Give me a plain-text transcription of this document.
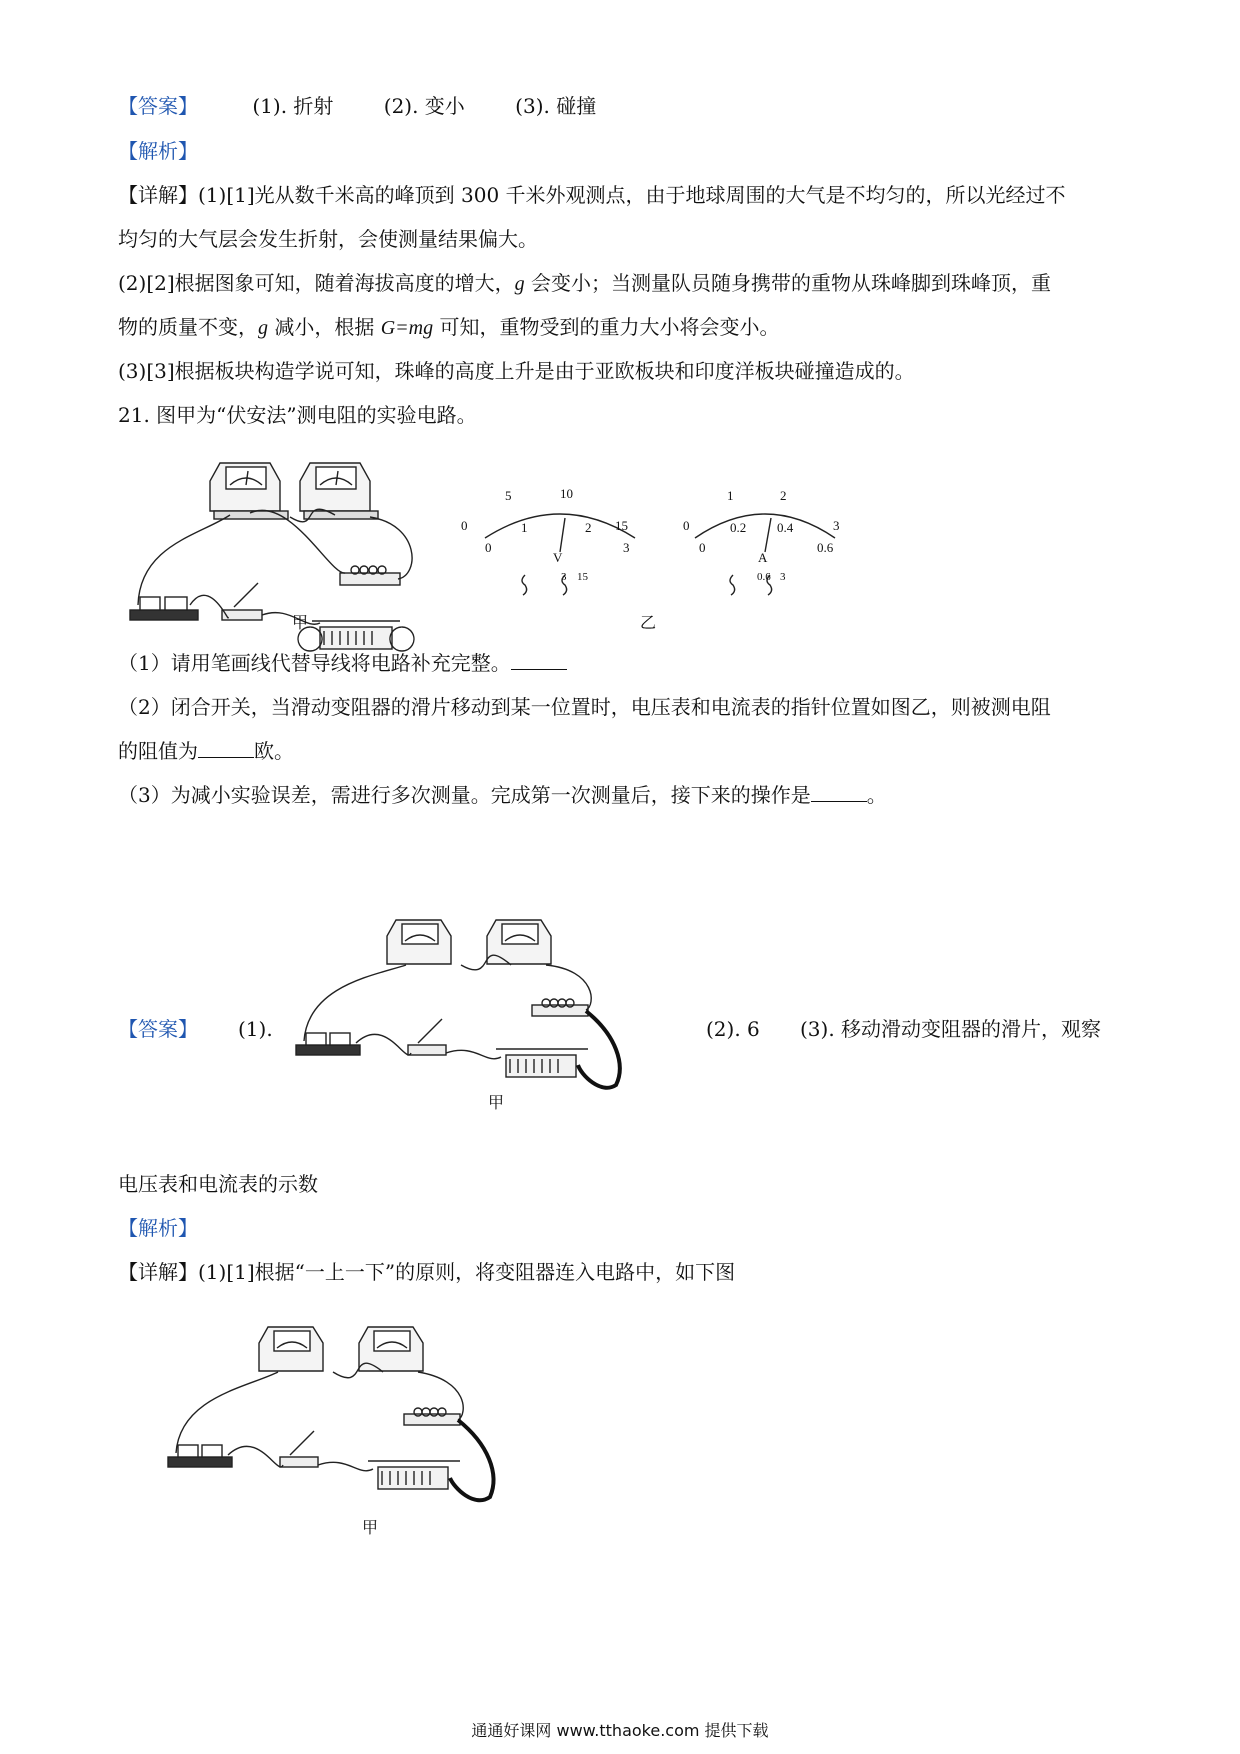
【答案】	(1). 折射	(2). 变小	(3). 碰撞
【解析】
【详解】(1)[1]光从数千米高的峰顶到 300 千米外观测点，由于地球周围的大气是不均匀的，所以光经过不
均匀的大气层会发生折射，会使测量结果偏大。
(2)[2]根据图象可知，随着海拔高度的增大，g 会变小；当测量队员随身携带的重物从珠峰脚到珠峰顶，重
物的质量不变，g 减小，根据 G=mg 可知，重物受到的重力大小将会变小。
(3)[3]根据板块构造学说可知，珠峰的高度上升是由于亚欧板块和印度洋板块碰撞造成的。
21. 图甲为“伏安法”测电阻的实验电路。
甲
0
5	10
15
0
1	2
3
V
3 15
0
1	2
3
0
0.2 0.4
0.6
A
0.6 3
乙
（1）请用笔画线代替导线将电路补充完整。
（2）闭合开关，当滑动变阻器的滑片移动到某一位置时，电压表和电流表的指针位置如图乙，则被测电阻
的阻值为	欧。
（3）为减小实验误差，需进行多次测量。完成第一次测量后，接下来的操作是	。
【答案】 (1).
甲
(2). 6 (3). 移动滑动变阻器的滑片，观察
电压表和电流表的示数
【解析】
【详解】(1)[1]根据“一上一下”的原则，将变阻器连入电路中，如下图
甲
通通好课网 www.tthaoke.com 提供下载
